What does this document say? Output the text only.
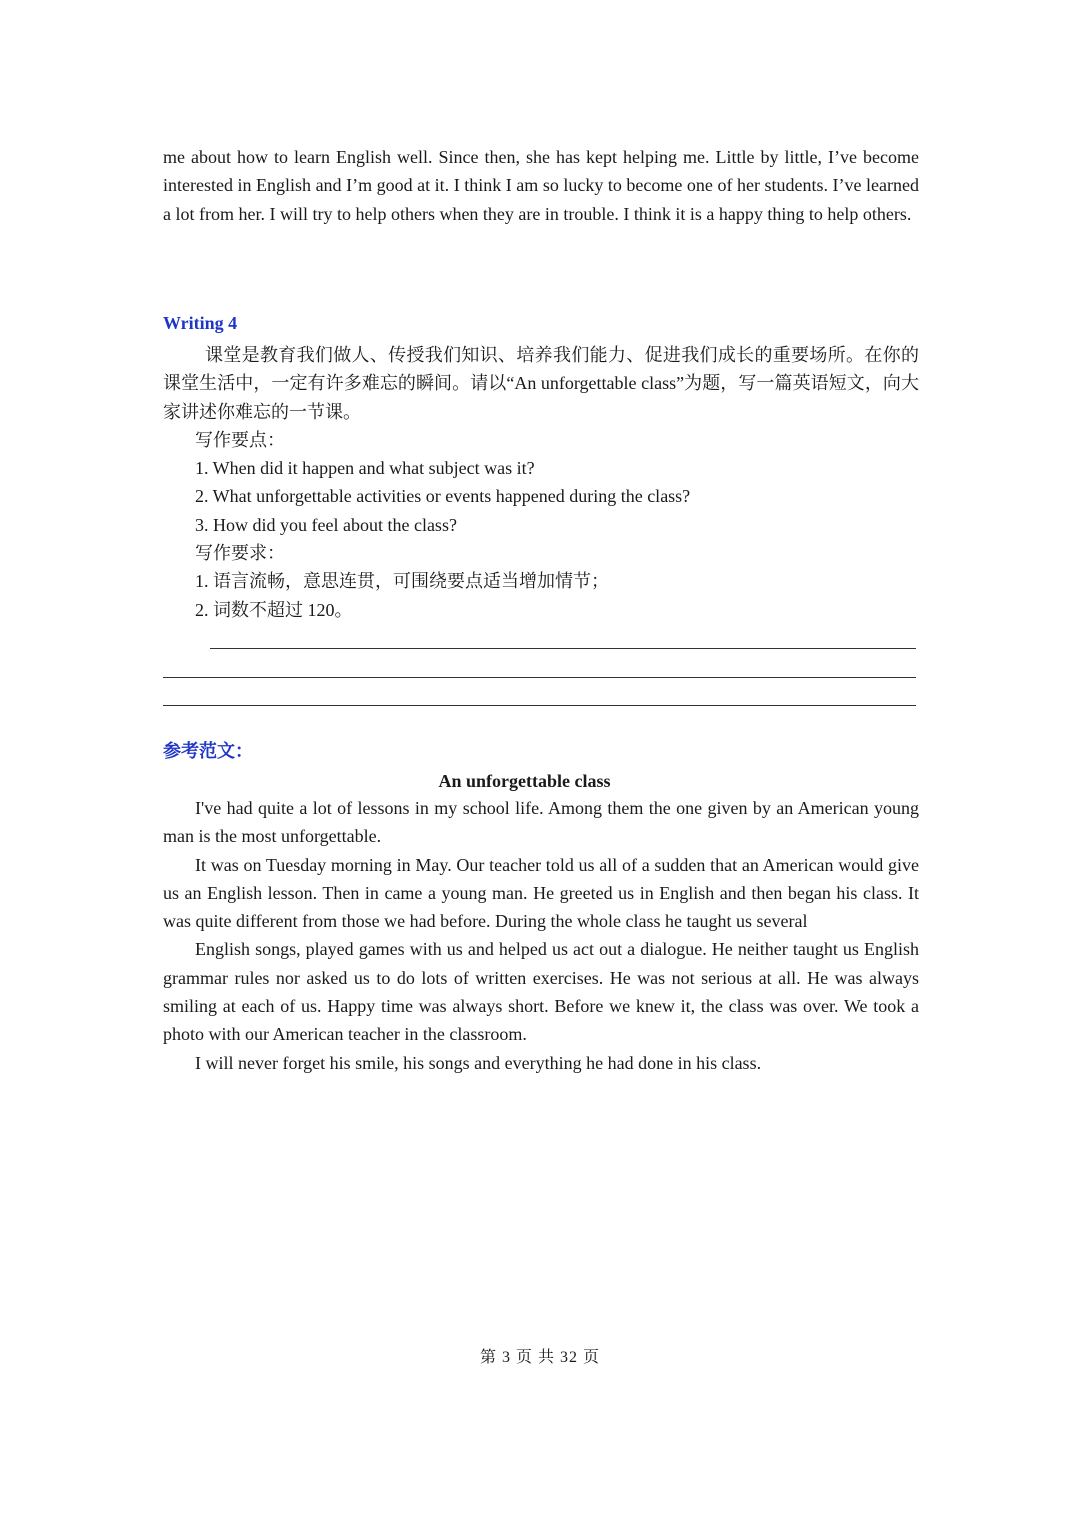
me about how to learn English well. Since then, she has kept helping me. Little by little, I’ve become interested in English and I’m good at it. I think I am so lucky to become one of her students. I’ve learned a lot from her. I will try to help others when they are in trouble. I think it is a happy thing to help others.

Writing 4

课堂是教育我们做人、传授我们知识、培养我们能力、促进我们成长的重要场所。在你的课堂生活中，一定有许多难忘的瞬间。请以“An unforgettable class”为题，写一篇英语短文，向大家讲述你难忘的一节课。

写作要点：

1. When did it happen and what subject was it?

2. What unforgettable activities or events happened during the class?

3. How did you feel about the class?

写作要求：

1. 语言流畅，意思连贯，可围绕要点适当增加情节；

2. 词数不超过 120。

参考范文：
An unforgettable class

I've had quite a lot of lessons in my school life. Among them the one given by an American young man is the most unforgettable.

It was on Tuesday morning in May. Our teacher told us all of a sudden that an American would give us an English lesson. Then in came a young man. He greeted us in English and then began his class. It was quite different from those we had before. During the whole class he taught us several

English songs, played games with us and helped us act out a dialogue. He neither taught us English grammar rules nor asked us to do lots of written exercises. He was not serious at all. He was always smiling at each of us. Happy time was always short. Before we knew it, the class was over. We took a photo with our American teacher in the classroom.

I will never forget his smile, his songs and everything he had done in his class.

第 3 页 共 32 页
